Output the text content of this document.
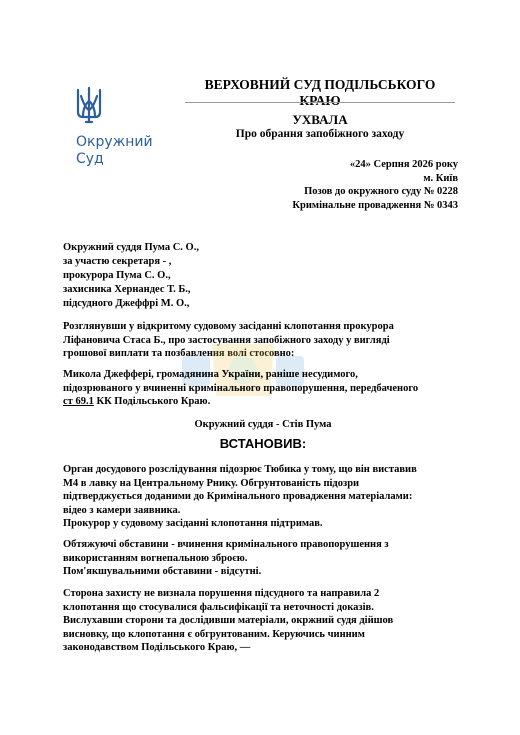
Окружний
Суд
ВЕРХОВНИЙ СУД ПОДІЛЬСЬКОГО КРАЮ
УХВАЛА
Про обрання запобіжного заходу
«24» Серпня 2026 року
м. Київ
Позов до окружного суду № 0228
Кримінальне провадження № 0343
Окружний суддя Пума С. О.,
за участю секретаря - ,
прокурора Пума С. О.,
захисника Хернандес Т. Б.,
підсудного Джеффрі М. О.,
Розглянувши у відкритому судовому засіданні клопотання прокурора
Ліфановича Стаса Б., про застосування запобіжного заходу у вигляді
грошової виплати та позбавлення волі стосовно:
Микола Джеффері, громадянина України, раніше несудимого,
підозрюваного у вчиненні кримінального правопорушення, передбаченого
ст 69.1 КК Подільського Краю.
Окружний суддя - Стів Пума
ВСТАНОВИВ:
Орган досудового розслідування підозрює Тюбика у тому, що він виставив
М4 в лавку на Центральному Рнику. Обгрунтованість підозри
підтверджується доданими до Кримінального провадження матеріалами:
відео з камери заявника.
Прокурор у судовому засіданні клопотання підтримав.
Обтяжуючі обставини - вчинення кримінального правопорушення з
використанням вогнепальною зброєю.
Пом'якшувальними обставини - відсутні.
Сторона захисту не визнала порушення підсудного та направила 2
клопотання що стосувалися фальсифікації та неточності доказів.
Вислухавши сторони та дослідивши матеріали, окржний судя дійшов
висновку, що клопотання є обгрунтованим. Керуючись чинним
законодавством Подільського Краю, —
